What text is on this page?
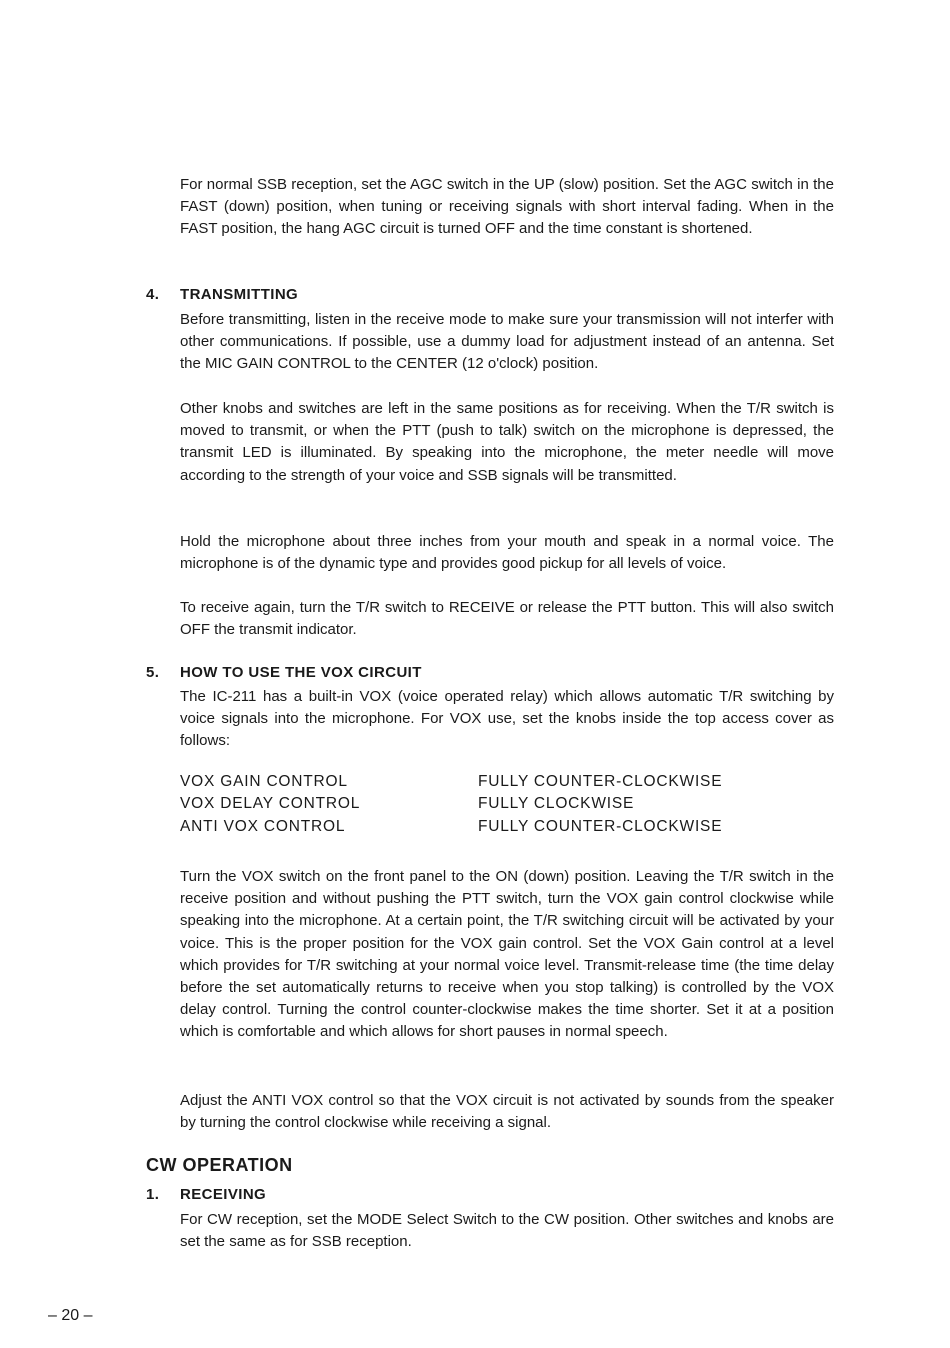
For normal SSB reception, set the AGC switch in the UP (slow) position. Set the AGC switch in the FAST (down) position, when tuning or receiving signals with short interval fading. When in the FAST position, the hang AGC circuit is turned OFF and the time constant is shortened.

4. TRANSMITTING

Before transmitting, listen in the receive mode to make sure your transmission will not interfer with other communications. If possible, use a dummy load for adjustment instead of an antenna. Set the MIC GAIN CONTROL to the CENTER (12 o'clock) position.

Other knobs and switches are left in the same positions as for receiving. When the T/R switch is moved to transmit, or when the PTT (push to talk) switch on the microphone is depressed, the transmit LED is illuminated. By speaking into the microphone, the meter needle will move according to the strength of your voice and SSB signals will be transmitted.

Hold the microphone about three inches from your mouth and speak in a normal voice. The microphone is of the dynamic type and provides good pickup for all levels of voice.

To receive again, turn the T/R switch to RECEIVE or release the PTT button. This will also switch OFF the transmit indicator.

5. HOW TO USE THE VOX CIRCUIT

The IC-211 has a built-in VOX (voice operated relay) which allows automatic T/R switching by voice signals into the microphone. For VOX use, set the knobs inside the top access cover as follows:

VOX GAIN CONTROL	FULLY COUNTER-CLOCKWISE
VOX DELAY CONTROL	FULLY CLOCKWISE
ANTI VOX CONTROL	FULLY COUNTER-CLOCKWISE

Turn the VOX switch on the front panel to the ON (down) position. Leaving the T/R switch in the receive position and without pushing the PTT switch, turn the VOX gain control clockwise while speaking into the microphone. At a certain point, the T/R switching circuit will be activated by your voice. This is the proper position for the VOX gain control. Set the VOX Gain control at a level which provides for T/R switching at your normal voice level. Transmit-release time (the time delay before the set automatically returns to receive when you stop talking) is controlled by the VOX delay control. Turning the control counter-clockwise makes the time shorter. Set it at a position which is comfortable and which allows for short pauses in normal speech.

Adjust the ANTI VOX control so that the VOX circuit is not activated by sounds from the speaker by turning the control clockwise while receiving a signal.

CW OPERATION
1. RECEIVING

For CW reception, set the MODE Select Switch to the CW position. Other switches and knobs are set the same as for SSB reception.

– 20 –
